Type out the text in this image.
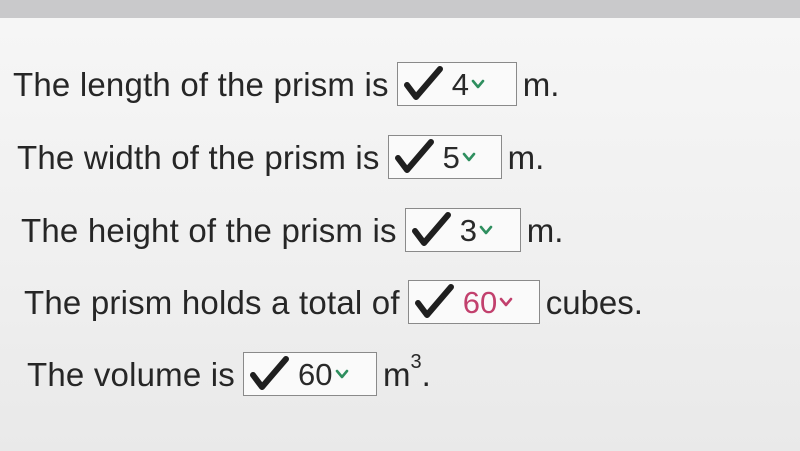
The length of the prism is 4 m.
The width of the prism is 5 m.
The height of the prism is 3 m.
The prism holds a total of 60 cubes.
The volume is 60 $m^3$.
